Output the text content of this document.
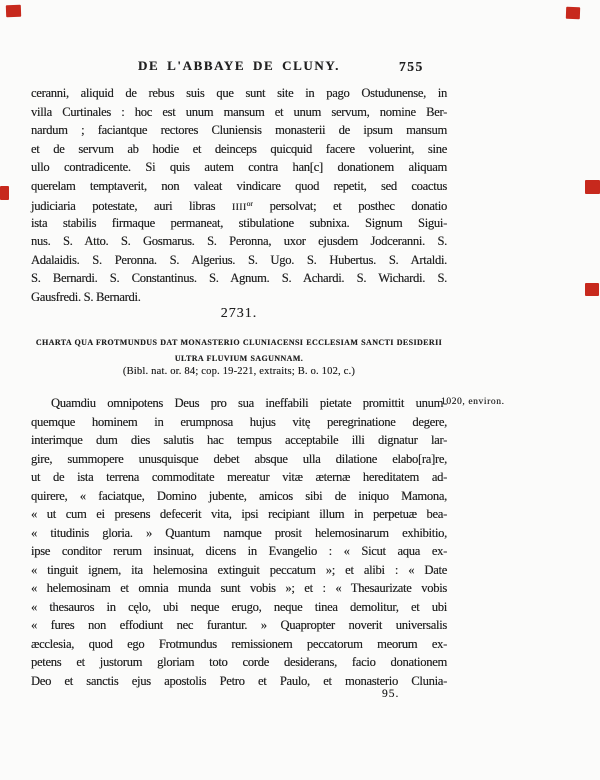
DE L'ABBAYE DE CLUNY.	755
ceranni, aliquid de rebus suis que sunt site in pago Ostudunense, in
villa Curtinales : hoc est unum mansum et unum servum, nomine Ber-
nardum ; faciantque rectores Cluniensis monasterii de ipsum mansum
et de servum ab hodie et deinceps quicquid facere voluerint, sine
ullo contradicente. Si quis autem contra han[c] donationem aliquam
querelam temptaverit, non valeat vindicare quod repetit, sed coactus
judiciaria potestate, auri libras $IIII^{or}$ persolvat; et posthec donatio
ista stabilis firmaque permaneat, stibulatione subnixa. Signum Sigui-
nus. S. Atto. S. Gosmarus. S. Peronna, uxor ejusdem Jodceranni. S.
Adalaidis. S. Peronna. S. Algerius. S. Ugo. S. Hubertus. S. Artaldi.
S. Bernardi. S. Constantinus. S. Agnum. S. Achardi. S. Wichardi. S.
Gausfredi. S. Bernardi.
2731.
CHARTA QUA FROTMUNDUS DAT MONASTERIO CLUNIACENSI ECCLESIAM SANCTI DESIDERII
ULTRA FLUVIUM SAGUNNAM.
(Bibl. nat. or. 84; cop. 19-221, extraits; B. o. 102, c.)
1020, environ.
Quamdiu omnipotens Deus pro sua ineffabili pietate promittit unum-
quemque hominem in erumpnosa hujus vitę peregrinatione degere,
interimque dum dies salutis hac tempus acceptabile illi dignatur lar-
gire, summopere unusquisque debet absque ulla dilatione elabo[ra]re,
ut de ista terrena commoditate mereatur vitæ æternæ hereditatem ad-
quirere, « faciatque, Domino jubente, amicos sibi de iniquo Mamona,
« ut cum ei presens defecerit vita, ipsi recipiant illum in perpetuæ bea-
« titudinis gloria. » Quantum namque prosit helemosinarum exhibitio,
ipse conditor rerum insinuat, dicens in Evangelio : « Sicut aqua ex-
« tinguit ignem, ita helemosina extinguit peccatum »; et alibi : « Date
« helemosinam et omnia munda sunt vobis »; et : « Thesaurizate vobis
« thesauros in cęlo, ubi neque erugo, neque tinea demolitur, et ubi
« fures non effodiunt nec furantur. » Quapropter noverit universalis
æcclesia, quod ego Frotmundus remissionem peccatorum meorum ex-
petens et justorum gloriam toto corde desiderans, facio donationem
Deo et sanctis ejus apostolis Petro et Paulo, et monasterio Clunia-
95.
